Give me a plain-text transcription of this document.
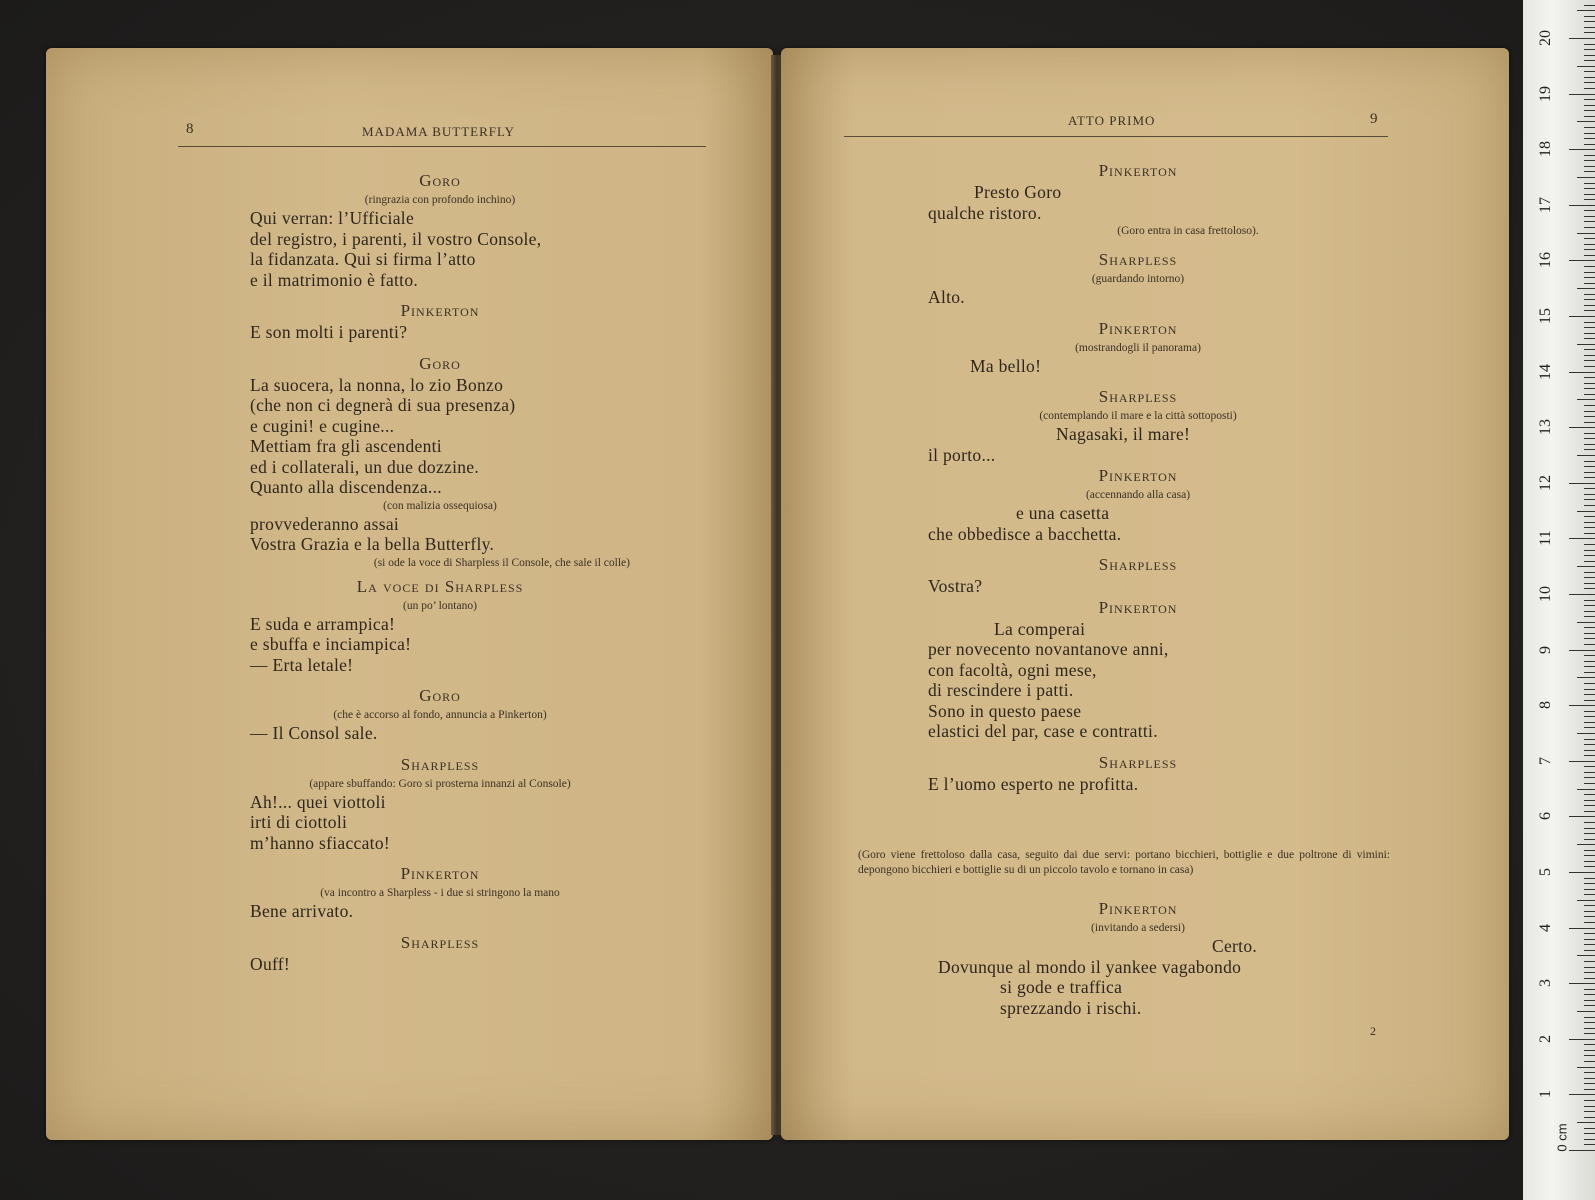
8	MADAMA BUTTERFLY

Goro

(ringrazia con profondo inchino)

Qui verran: l’Ufficiale

del registro, i parenti, il vostro Console,

la fidanzata. Qui si firma l’atto

e il matrimonio è fatto.

Pinkerton

E son molti i parenti?

Goro

La suocera, la nonna, lo zio Bonzo

(che non ci degnerà di sua presenza)

e cugini! e cugine...

Mettiam fra gli ascendenti

ed i collaterali, un due dozzine.

Quanto alla discendenza...

(con malizia ossequiosa)

provvederanno assai

Vostra Grazia e la bella Butterfly.

(si ode la voce di Sharpless il Console, che sale il colle)

La voce di Sharpless

(un po’ lontano)

E suda e arrampica!

e sbuffa e inciampica!

— Erta letale!

Goro

(che è accorso al fondo, annuncia a Pinkerton)

— Il Consol sale.

Sharpless

(appare sbuffando: Goro si prosterna innanzi al Console)

Ah!... quei viottoli

irti di ciottoli

m’hanno sfiaccato!

Pinkerton

(va incontro a Sharpless - i due si stringono la mano

Bene arrivato.

Sharpless

Ouff!

ATTO PRIMO	9

Pinkerton

Presto Goro

qualche ristoro.

(Goro entra in casa frettoloso).

Sharpless

(guardando intorno)

Alto.

Pinkerton

(mostrandogli il panorama)

Ma bello!

Sharpless

(contemplando il mare e la città sottoposti)

Nagasaki, il mare!

il porto...

Pinkerton

(accennando alla casa)

e una casetta

che obbedisce a bacchetta.

Sharpless

Vostra?

Pinkerton

La comperai

per novecento novantanove anni,

con facoltà, ogni mese,

di rescindere i patti.

Sono in questo paese

elastici del par, case e contratti.

Sharpless

E l’uomo esperto ne profitta.

(Goro viene frettoloso dalla casa, seguito dai due servi: portano bicchieri, bottiglie e due poltrone di vimini: depongono bicchieri e bottiglie su di un piccolo tavolo e tornano in casa)

Pinkerton

(invitando a sedersi)

Certo.

Dovunque al mondo il yankee vagabondo

si gode e traffica

sprezzando i rischi.

2
1
2
3
4
5
6
7
8
9
10
11
12
13
14
15
16
17
18
19
20
0 cm
